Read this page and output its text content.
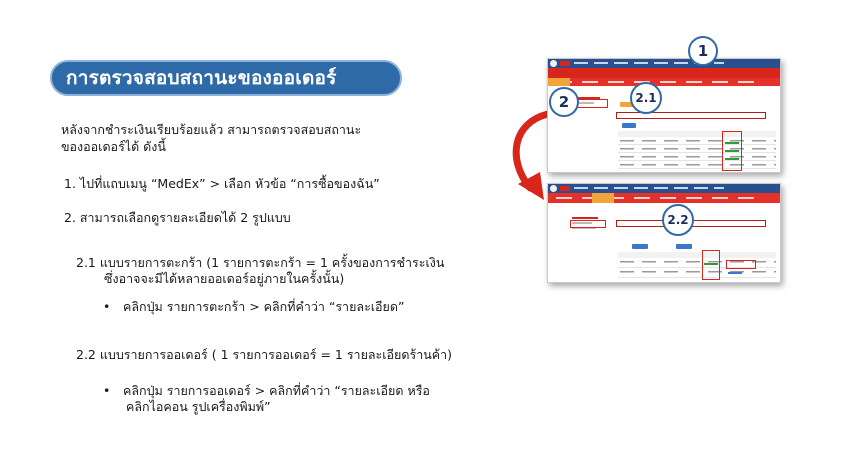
การตรวจสอบสถานะของออเดอร์
หลังจากชำระเงินเรียบร้อยแล้ว สามารถตรวจสอบสถานะ
ของออเดอร์ได้ ดังนี้
1. ไปที่แถบเมนู “MedEx” > เลือก หัวข้อ “การซื้อของฉัน”
2. สามารถเลือกดูรายละเอียดได้ 2 รูปแบบ
2.1 แบบรายการตะกร้า (1 รายการตะกร้า = 1 ครั้งของการชำระเงิน
ซึ่งอาจจะมีได้หลายออเดอร์อยู่ภายในครั้งนั้น)
• คลิกปุ่ม รายการตะกร้า > คลิกที่คำว่า “รายละเอียด”
2.2 แบบรายการออเดอร์ ( 1 รายการออเดอร์ = 1 รายละเอียดร้านค้า)
• คลิกปุ่ม รายการออเดอร์ > คลิกที่คำว่า “รายละเอียด หรือ
คลิกไอคอน รูปเครื่องพิมพ์”
1
2	2.1
2.2
